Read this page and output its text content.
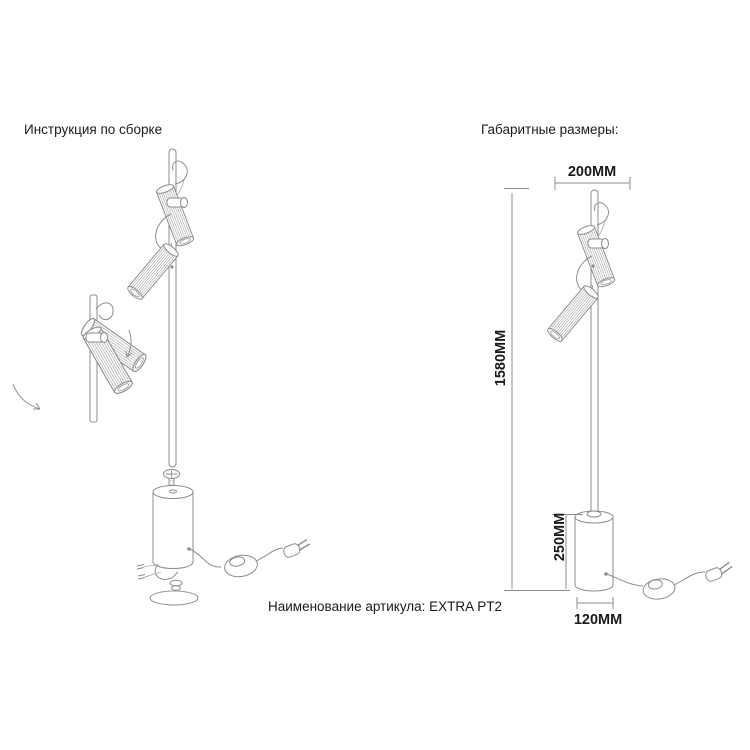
Инструкция по сборке	Габаритные размеры:
200MM
1580MM
250MM
120MM
Наименование артикула: EXTRA PT2
